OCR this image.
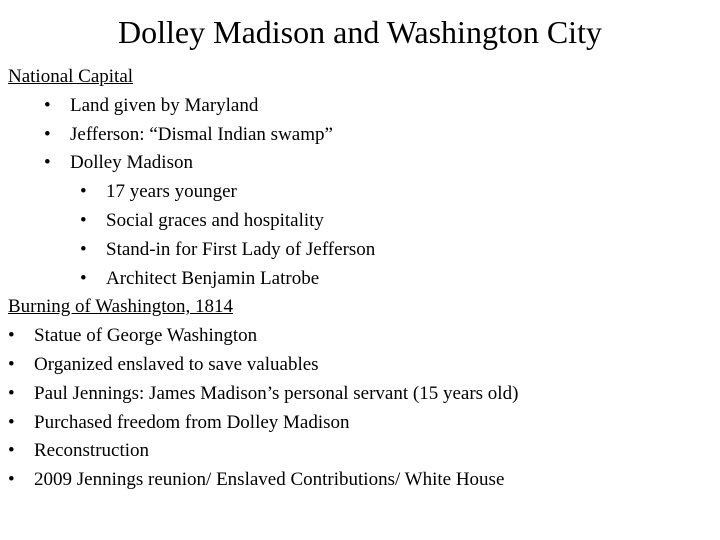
Dolley Madison and Washington City
National Capital
• Land given by Maryland
• Jefferson: “Dismal Indian swamp”
• Dolley Madison
• 17 years younger
• Social graces and hospitality
• Stand-in for First Lady of Jefferson
• Architect Benjamin Latrobe
Burning of Washington, 1814
• Statue of George Washington
• Organized enslaved to save valuables
• Paul Jennings: James Madison’s personal servant (15 years old)
• Purchased freedom from Dolley Madison
• Reconstruction
• 2009 Jennings reunion/ Enslaved Contributions/ White House
